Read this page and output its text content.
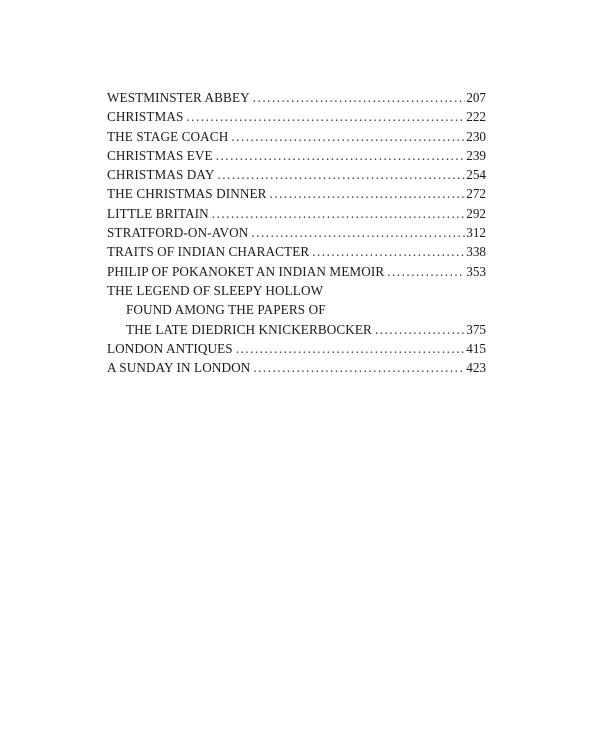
WESTMINSTER ABBEY . . .	207
CHRISTMAS . . .	222
THE STAGE COACH . . .	230
CHRISTMAS EVE . . .	239
CHRISTMAS DAY . . .	254
THE CHRISTMAS DINNER . . .	272
LITTLE BRITAIN . . .	292
STRATFORD-ON-AVON . . .	312
TRAITS OF INDIAN CHARACTER . . .	338
PHILIP OF POKANOKET AN INDIAN MEMOIR . . .	353
THE LEGEND OF SLEEPY HOLLOW
FOUND AMONG THE PAPERS OF
THE LATE DIEDRICH KNICKERBOCKER . . .	375
LONDON ANTIQUES . . .	415
A SUNDAY IN LONDON . . .	423
